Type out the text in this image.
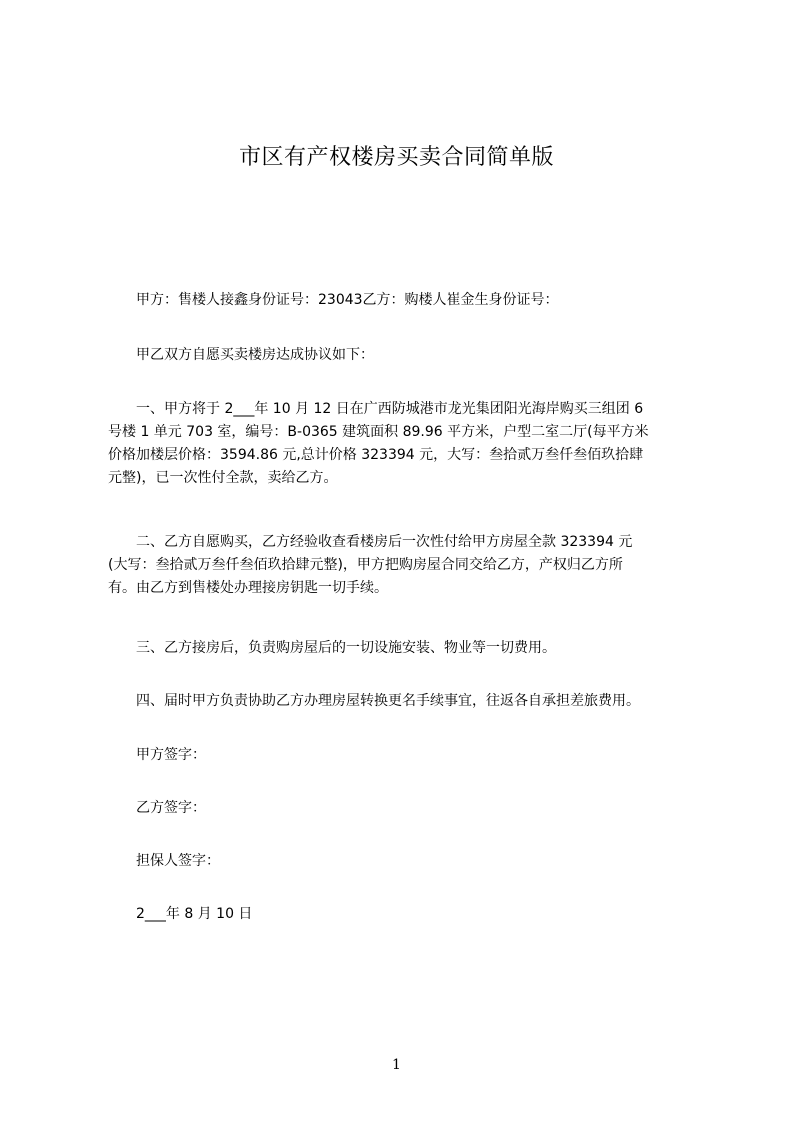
市区有产权楼房买卖合同简单版
甲方：售楼人接鑫身份证号：23043乙方：购楼人崔金生身份证号：
甲乙双方自愿买卖楼房达成协议如下：
一、甲方将于 2___年 10 月 12 日在广西防城港市龙光集团阳光海岸购买三组团 6
号楼 1 单元 703 室，编号：B-0365 建筑面积 89.96 平方米，户型二室二厅(每平方米
价格加楼层价格：3594.86 元,总计价格 323394 元，大写：叁拾贰万叁仟叁佰玖拾肆
元整)，已一次性付全款，卖给乙方。
二、乙方自愿购买，乙方经验收查看楼房后一次性付给甲方房屋全款 323394 元
(大写：叁拾贰万叁仟叁佰玖拾肆元整)，甲方把购房屋合同交给乙方，产权归乙方所
有。由乙方到售楼处办理接房钥匙一切手续。
三、乙方接房后，负责购房屋后的一切设施安装、物业等一切费用。
四、届时甲方负责协助乙方办理房屋转换更名手续事宜，往返各自承担差旅费用。
甲方签字：
乙方签字：
担保人签字：
2___年 8 月 10 日
1
